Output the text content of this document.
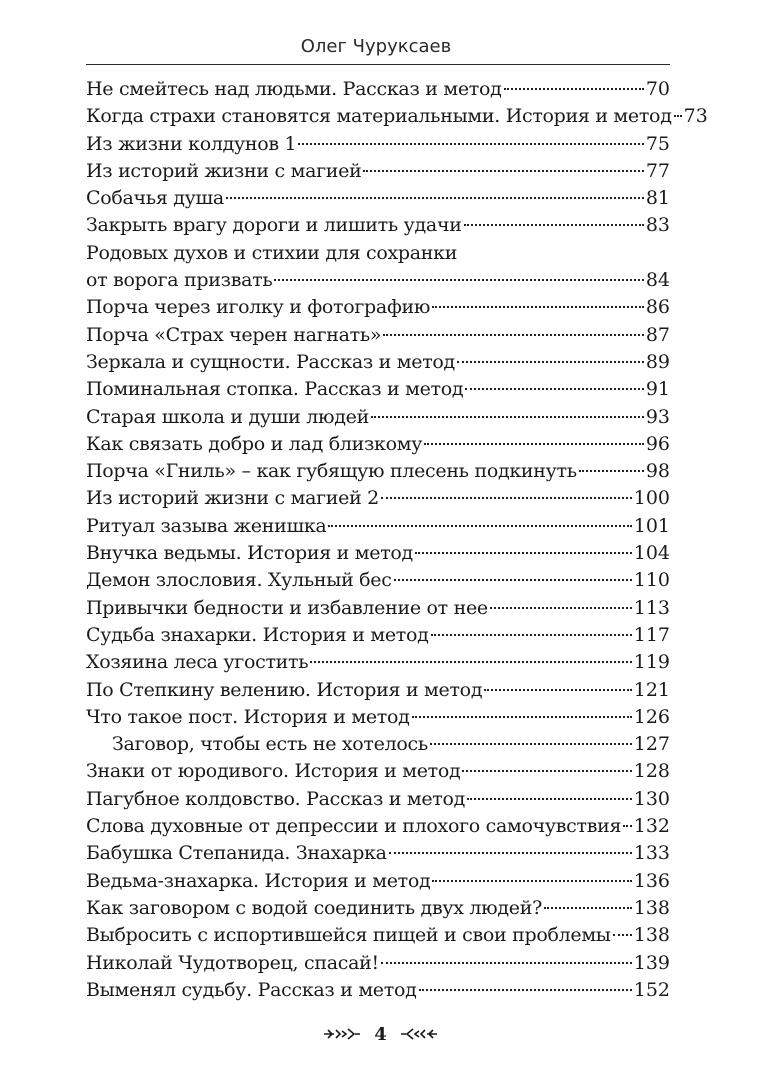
Олег Чуруксаев
Не смейтесь над людьми. Рассказ и метод	70
Когда страхи становятся материальными. История и метод 73
Из жизни колдунов 1	75
Из историй жизни с магией	77
Собачья душа	81
Закрыть врагу дороги и лишить удачи	83
Родовых духов и стихии для сохранки
от ворога призвать	84
Порча через иголку и фотографию	86
Порча «Страх черен нагнать»	87
Зеркала и сущности. Рассказ и метод	89
Поминальная стопка. Рассказ и метод	91
Старая школа и души людей	93
Как связать добро и лад близкому	96
Порча «Гниль» – как губящую плесень подкинуть	98
Из историй жизни с магией 2	100
Ритуал зазыва женишка	101
Внучка ведьмы. История и метод	104
Демон злословия. Хульный бес	110
Привычки бедности и избавление от нее	113
Судьба знахарки. История и метод	117
Хозяина леса угостить	119
По Степкину велению. История и метод	121
Что такое пост. История и метод	126
Заговор, чтобы есть не хотелось	127
Знаки от юродивого. История и метод	128
Пагубное колдовство. Рассказ и метод	130
Слова духовные от депрессии и плохого самочувствия 132
Бабушка Степанида. Знахарка	133
Ведьма-знахарка. История и метод	136
Как заговором с водой соединить двух людей?	138
Выбросить с испортившейся пищей и свои проблемы 138
Николай Чудотворец, спасай!	139
Выменял судьбу. Рассказ и метод	152
4
